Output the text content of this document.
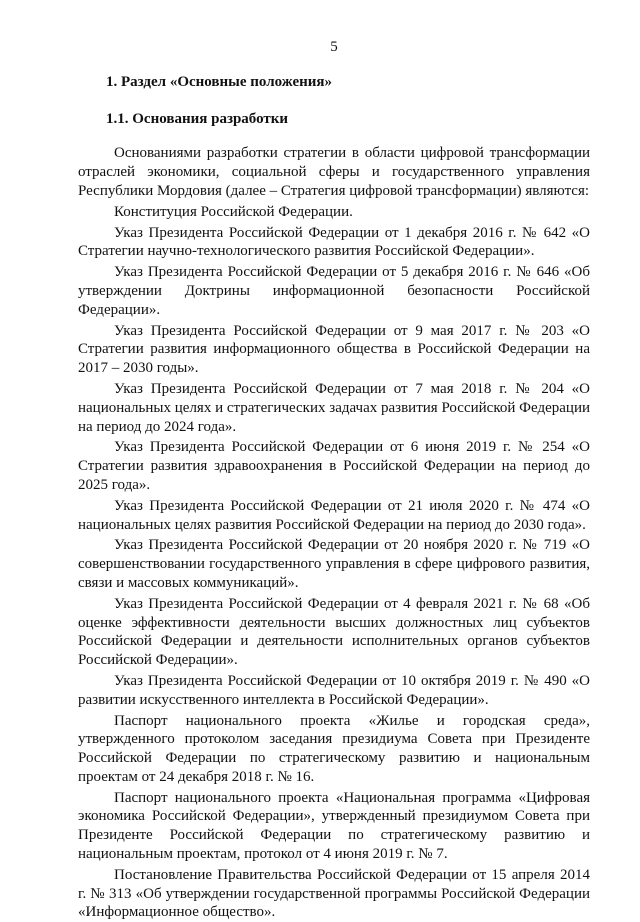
5
1. Раздел «Основные положения»
1.1. Основания разработки

Основаниями разработки стратегии в области цифровой трансформации отраслей экономики, социальной сферы и государственного управления Республики Мордовия (далее – Стратегия цифровой трансформации) являются:

Конституция Российской Федерации.

Указ Президента Российской Федерации от 1 декабря 2016 г. № 642 «О Стратегии научно-технологического развития Российской Федерации».

Указ Президента Российской Федерации от 5 декабря 2016 г. № 646 «Об утверждении Доктрины информационной безопасности Российской Федерации».

Указ Президента Российской Федерации от 9 мая 2017 г. № 203 «О Стратегии развития информационного общества в Российской Федерации на 2017 – 2030 годы».

Указ Президента Российской Федерации от 7 мая 2018 г. № 204 «О национальных целях и стратегических задачах развития Российской Федерации на период до 2024 года».

Указ Президента Российской Федерации от 6 июня 2019 г. № 254 «О Стратегии развития здравоохранения в Российской Федерации на период до 2025 года».

Указ Президента Российской Федерации от 21 июля 2020 г. № 474 «О национальных целях развития Российской Федерации на период до 2030 года».

Указ Президента Российской Федерации от 20 ноября 2020 г. № 719 «О совершенствовании государственного управления в сфере цифрового развития, связи и массовых коммуникаций».

Указ Президента Российской Федерации от 4 февраля 2021 г. № 68 «Об оценке эффективности деятельности высших должностных лиц субъектов Российской Федерации и деятельности исполнительных органов субъектов Российской Федерации».

Указ Президента Российской Федерации от 10 октября 2019 г. № 490 «О развитии искусственного интеллекта в Российской Федерации».

Паспорт национального проекта «Жилье и городская среда», утвержденного протоколом заседания президиума Совета при Президенте Российской Федерации по стратегическому развитию и национальным проектам от 24 декабря 2018 г. № 16.

Паспорт национального проекта «Национальная программа «Цифровая экономика Российской Федерации», утвержденный президиумом Совета при Президенте Российской Федерации по стратегическому развитию и национальным проектам, протокол от 4 июня 2019 г. № 7.

Постановление Правительства Российской Федерации от 15 апреля 2014 г. № 313 «Об утверждении государственной программы Российской Федерации «Информационное общество».
